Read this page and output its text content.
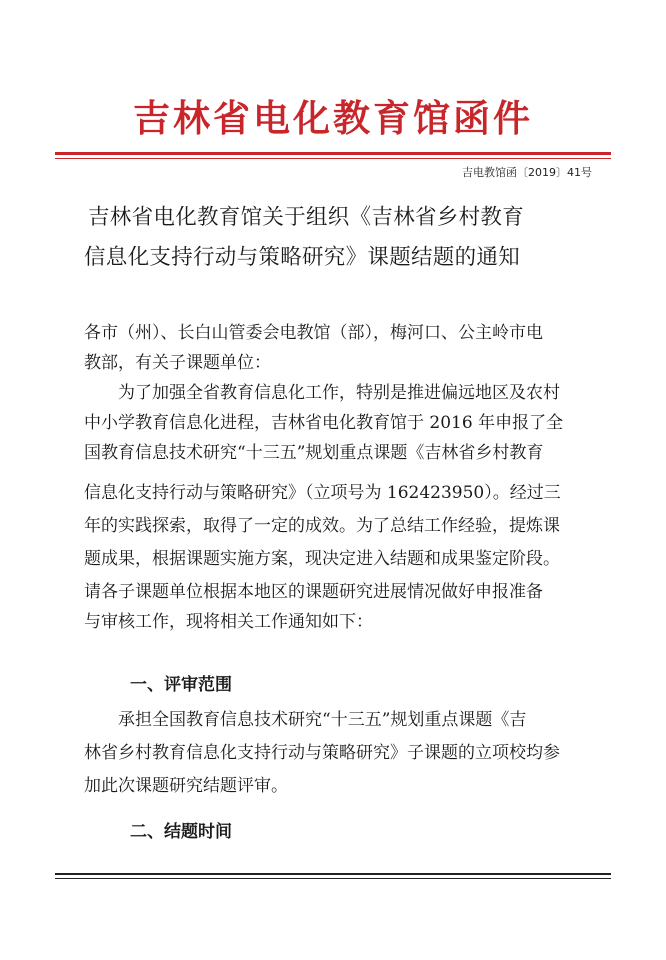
吉林省电化教育馆函件
吉电教馆函〔2019〕41号
吉林省电化教育馆关于组织《吉林省乡村教育
信息化支持行动与策略研究》课题结题的通知
各市（州）、长白山管委会电教馆（部），梅河口、公主岭市电
教部，有关子课题单位：
为了加强全省教育信息化工作，特别是推进偏远地区及农村
中小学教育信息化进程，吉林省电化教育馆于 2016 年申报了全
国教育信息技术研究“十三五”规划重点课题《吉林省乡村教育
信息化支持行动与策略研究》（立项号为 162423950）。经过三
年的实践探索，取得了一定的成效。为了总结工作经验，提炼课
题成果，根据课题实施方案，现决定进入结题和成果鉴定阶段。
请各子课题单位根据本地区的课题研究进展情况做好申报准备
与审核工作，现将相关工作通知如下：
一、评审范围
承担全国教育信息技术研究“十三五”规划重点课题《吉
林省乡村教育信息化支持行动与策略研究》子课题的立项校均参
加此次课题研究结题评审。
二、结题时间
